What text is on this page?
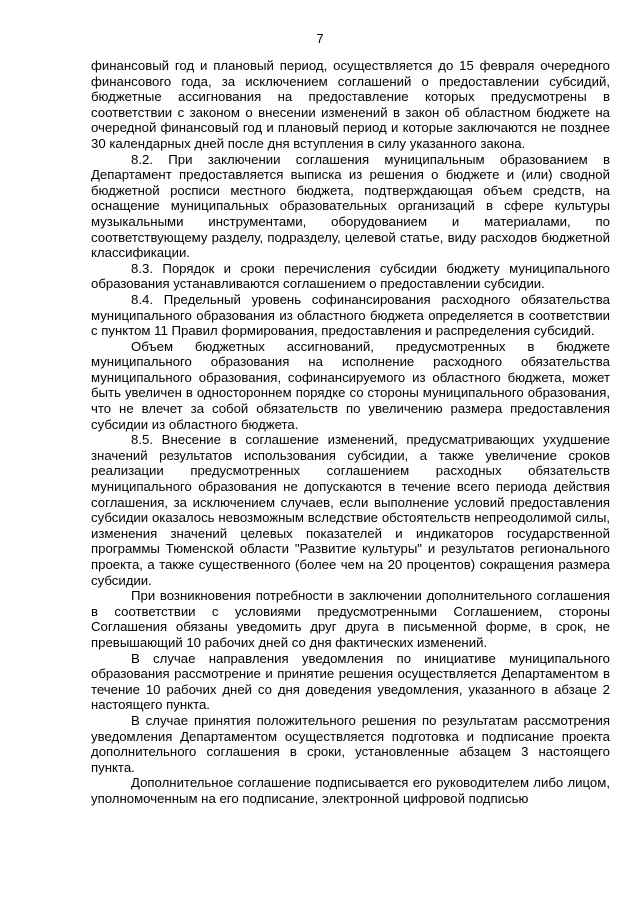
7

финансовый год и плановый период, осуществляется до 15 февраля очередного финансового года, за исключением соглашений о предоставлении субсидий, бюджетные ассигнования на предоставление которых предусмотрены в соответствии с законом о внесении изменений в закон об областном бюджете на очередной финансовый год и плановый период и которые заключаются не позднее 30 календарных дней после дня вступления в силу указанного закона.

8.2. При заключении соглашения муниципальным образованием в Департамент предоставляется выписка из решения о бюджете и (или) сводной бюджетной росписи местного бюджета, подтверждающая объем средств, на оснащение муниципальных образовательных организаций в сфере культуры музыкальными инструментами, оборудованием и материалами, по соответствующему разделу, подразделу, целевой статье, виду расходов бюджетной классификации.

8.3. Порядок и сроки перечисления субсидии бюджету муниципального образования устанавливаются соглашением о предоставлении субсидии.

8.4. Предельный уровень софинансирования расходного обязательства муниципального образования из областного бюджета определяется в соответствии с пунктом 11 Правил формирования, предоставления и распределения субсидий.

Объем бюджетных ассигнований, предусмотренных в бюджете муниципального образования на исполнение расходного обязательства муниципального образования, софинансируемого из областного бюджета, может быть увеличен в одностороннем порядке со стороны муниципального образования, что не влечет за собой обязательств по увеличению размера предоставления субсидии из областного бюджета.

8.5. Внесение в соглашение изменений, предусматривающих ухудшение значений результатов использования субсидии, а также увеличение сроков реализации предусмотренных соглашением расходных обязательств муниципального образования не допускаются в течение всего периода действия соглашения, за исключением случаев, если выполнение условий предоставления субсидии оказалось невозможным вследствие обстоятельств непреодолимой силы, изменения значений целевых показателей и индикаторов государственной программы Тюменской области "Развитие культуры" и результатов регионального проекта, а также существенного (более чем на 20 процентов) сокращения размера субсидии.

При возникновения потребности в заключении дополнительного соглашения в соответствии с условиями предусмотренными Соглашением, стороны Соглашения обязаны уведомить друг друга в письменной форме, в срок, не превышающий 10 рабочих дней со дня фактических изменений.

В случае направления уведомления по инициативе муниципального образования рассмотрение и принятие решения осуществляется Департаментом в течение 10 рабочих дней со дня доведения уведомления, указанного в абзаце 2 настоящего пункта.

В случае принятия положительного решения по результатам рассмотрения уведомления Департаментом осуществляется подготовка и подписание проекта дополнительного соглашения в сроки, установленные абзацем 3 настоящего пункта.

Дополнительное соглашение подписывается его руководителем либо лицом, уполномоченным на его подписание, электронной цифровой подписью
